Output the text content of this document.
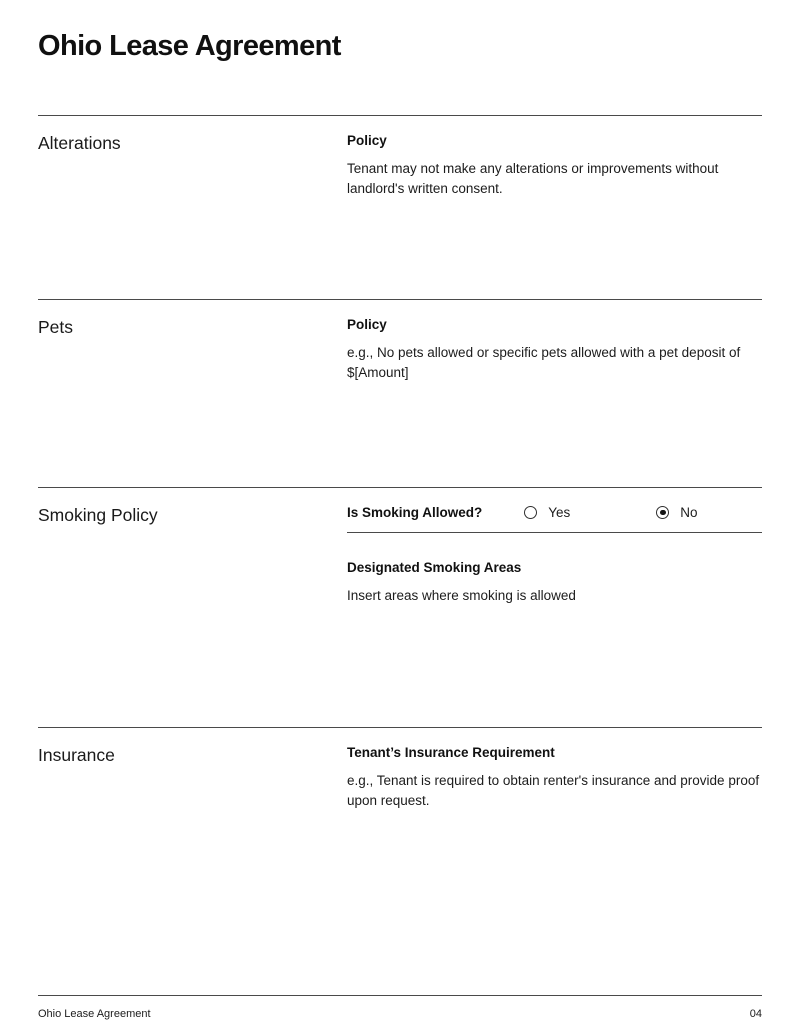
Ohio Lease Agreement
Alterations	Policy
Tenant may not make any alterations or improvements without landlord's written consent.
Pets	Policy
e.g., No pets allowed or specific pets allowed with a pet deposit of $[Amount]
Smoking Policy	Is Smoking Allowed?	Yes	No
Designated Smoking Areas
Insert areas where smoking is allowed
Insurance	Tenant’s Insurance Requirement
e.g., Tenant is required to obtain renter's insurance and provide proof upon request.
Ohio Lease Agreement	04
